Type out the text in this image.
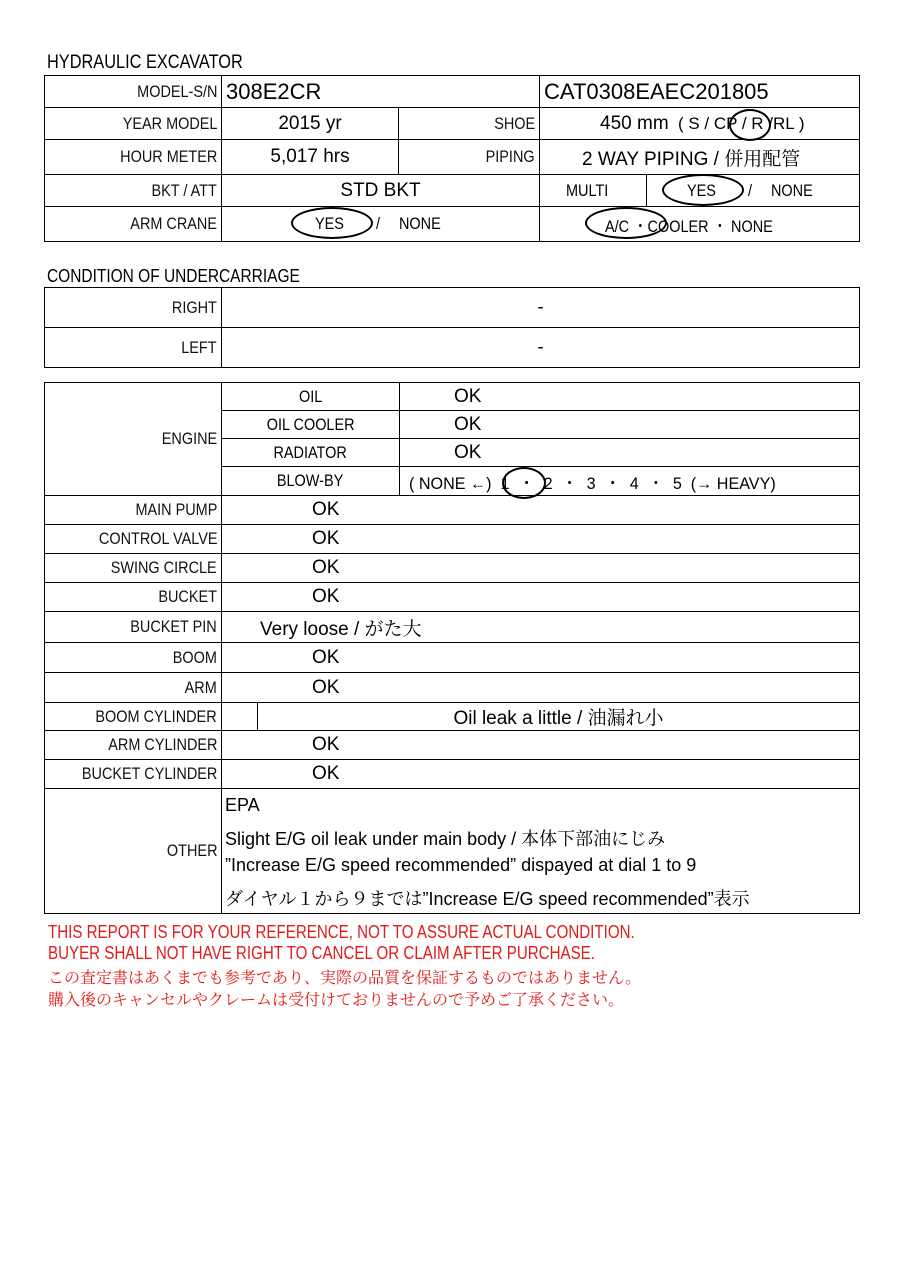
HYDRAULIC EXCAVATOR
MODEL-S/N	308E2CR		CAT0308EAEC201805	
YEAR MODEL	2015 yr	SHOE	450 mm ( S / CP / R /RL )	
HOUR METER	5,017 hrs	PIPING	2 WAY PIPING / 併用配管	
BKT / ATT	STD BKT		MULTI	YES / NONE
ARM CRANE	YES / NONE		A/C ・COOLER ・ NONE	
CONDITION OF UNDERCARRIAGE
RIGHT	-
LEFT	-
ENGINE	OIL		OK
	OIL COOLER		OK
	RADIATOR		OK
	BLOW-BY		( NONE ←)  1  ・  2  ・  3  ・  4  ・  5  (→ HEAVY)
MAIN PUMP	OK		
CONTROL VALVE	OK		
SWING CIRCLE	OK		
BUCKET	OK		
BUCKET PIN	Very loose / がた大		
BOOM	OK		
ARM	OK		
BOOM CYLINDER		Oil leak a little / 油漏れ小	
ARM CYLINDER	OK		
BUCKET CYLINDER	OK		
OTHER	EPA
Slight E/G oil leak under main body / 本体下部油にじみ
”Increase E/G speed recommended” dispayed at dial 1 to 9
ダイヤル１から９までは”Increase E/G speed recommended”表示		
THIS REPORT IS FOR YOUR REFERENCE, NOT TO ASSURE ACTUAL CONDITION.
BUYER SHALL NOT HAVE RIGHT TO CANCEL OR CLAIM AFTER PURCHASE.
この査定書はあくまでも参考であり、実際の品質を保証するものではありません。
購入後のキャンセルやクレームは受付けておりませんので予めご了承ください。
